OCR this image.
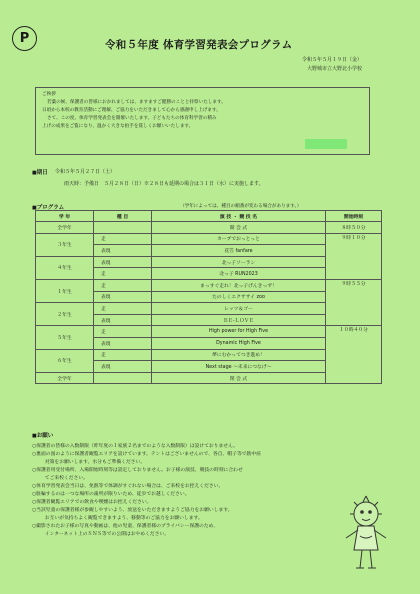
P	令和５年度 体育学習発表会プログラム
令和５年５月１９日（金）
大野城市立大野北小学校

ご挨拶

若葉の候、保護者の皆様におかれましては、ますますご健勝のことと拝察いたします。

日頃から本校の教育活動にご理解、ご協力をいただきまして心から感謝申し上げます。

さて、この度、体育学習発表会を開催いたします。子どもたちの体育科学習の積み

上げの成果をご覧になり、温かく大きな拍手を賞しくお願いいたします。

■期日 令和５年５月２７日（土）
雨天時：予備日　 ５月２８日（日）※２８日も延期の場合は３１日（水）に実施します。
■プログラム	（学年によっては、種目の順番が変わる場合があります。）
学 年	種 目	演 技 ・ 競 技 名	開始時刻
全学年		開 会 式	８時５０分
３年生	走	カーブでおっとっと	９時１０分
	表現	花笠 fanfare	
４年生	表現	北っ子ソーラン	
	走	北っ子 RUN2023	
１年生	走	まっすぐ走れ！北っ子げんきっず！	９時５５分
	表現	たのしくエクササイ zoo	
２年生	走	レッツ＆ゴー	
	表現	ＢＥ-ＬＯＶＥ	
５年生	走	High power for High Five	１０時４０分
	表現	Dynamic High Five	
６年生	走	夢にむかってつき進め！	
	表現	Next stage 〜未来につなげ〜	
全学年		閉 会 式	
■お願い
○保護者の皆様の入数制限（昨年度の１家族２名までのような入数制限）は設けておりません。
○裏面の図のように保護者観覧エリアを設けています。テントはございませんので、各自、帽子等で熱中症
　対策をお願いします。水分もご準備ください。
○保護者用受付場所、入場開始時刻等は設定しておりません。お子様の演技、競技の時刻に合わせ
　てご来校ください。
○体育学習発表会当日は、免熱等で体調がすぐれない場合は、ご来校をお控えください。
○駐輪するのは一つな場所の歯所が限りいため、徒歩でお越しください。
○保護者観覧エリアでの飲食や喫煙はお控えください。
○当該児童の保護者様が参観しやすいよう、放送をいただきますようご協力をお願いします。
　お互いが気持ちよく観覧できますよう、移動等のご協力をお願いします。
○撮影されたお子様の写真や動画は、他の児童、保護者様のプライバシー保護のため、
　インターネット上のＳＮＳ等での公開はおやめください。
